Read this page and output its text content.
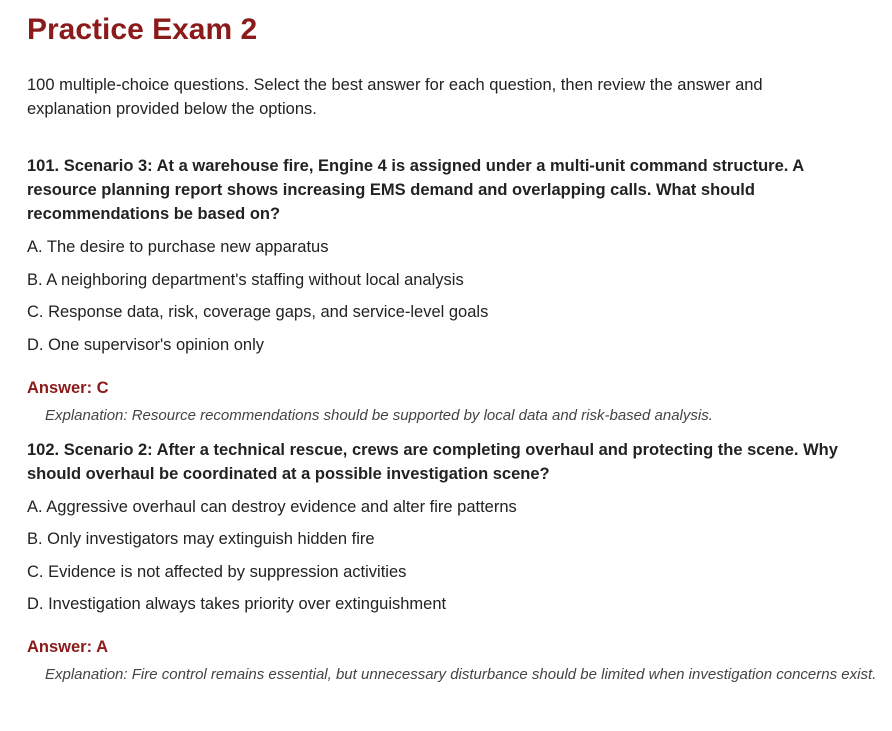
Practice Exam 2

100 multiple-choice questions. Select the best answer for each question, then review the answer and explanation provided below the options.

101. Scenario 3: At a warehouse fire, Engine 4 is assigned under a multi-unit command structure. A resource planning report shows increasing EMS demand and overlapping calls. What should recommendations be based on?

A. The desire to purchase new apparatus
B. A neighboring department's staffing without local analysis
C. Response data, risk, coverage gaps, and service-level goals
D. One supervisor's opinion only

Answer: C

Explanation: Resource recommendations should be supported by local data and risk-based analysis.

102. Scenario 2: After a technical rescue, crews are completing overhaul and protecting the scene. Why should overhaul be coordinated at a possible investigation scene?

A. Aggressive overhaul can destroy evidence and alter fire patterns
B. Only investigators may extinguish hidden fire
C. Evidence is not affected by suppression activities
D. Investigation always takes priority over extinguishment

Answer: A

Explanation: Fire control remains essential, but unnecessary disturbance should be limited when investigation concerns exist.
